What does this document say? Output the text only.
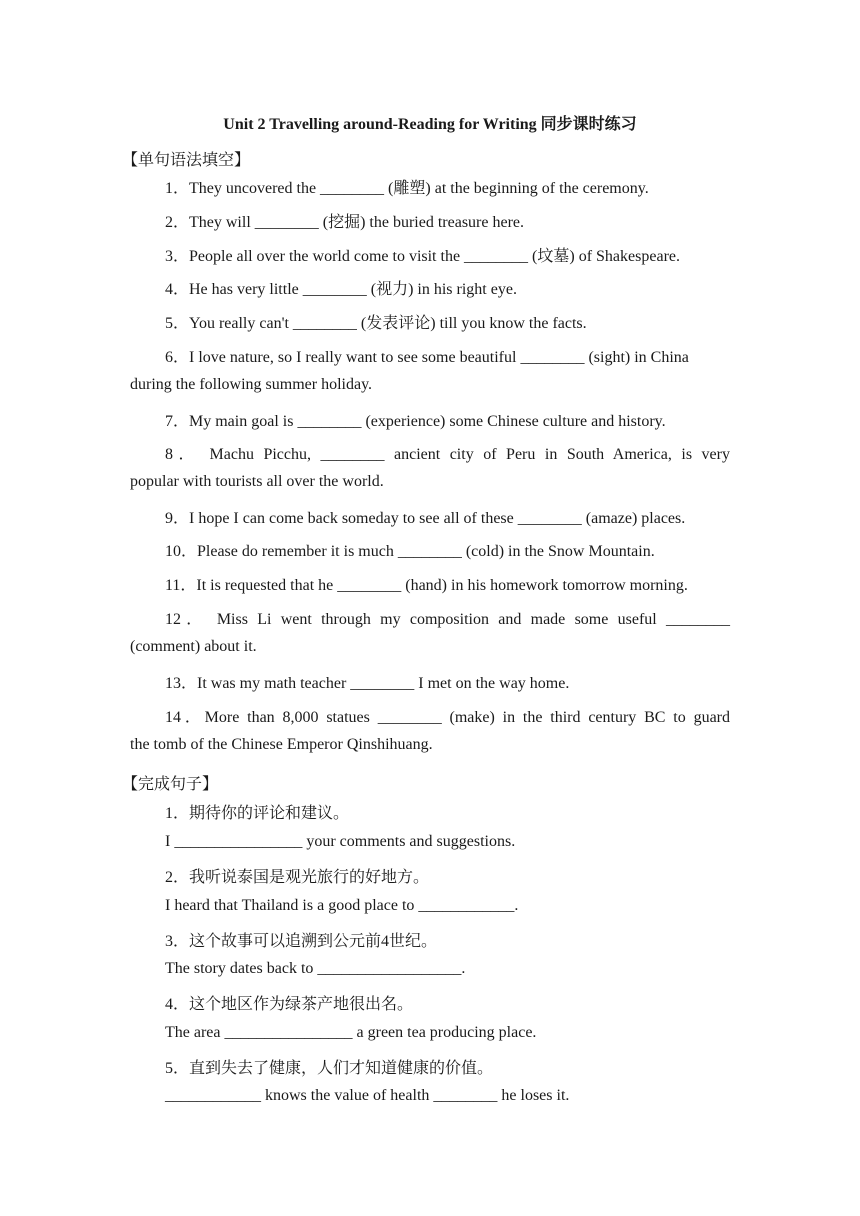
Unit 2 Travelling around-Reading for Writing 同步课时练习
【单句语法填空】
1．They uncovered the ________ (雕塑) at the beginning of the ceremony.
2．They will ________ (挖掘) the buried treasure here.
3．People all over the world come to visit the ________ (坟墓) of Shakespeare.
4．He has very little ________ (视力) in his right eye.
5．You really can't ________ (发表评论) till you know the facts.
6．I love nature, so I really want to see some beautiful ________ (sight) in China
during the following summer holiday.
7．My main goal is ________ (experience) some Chinese culture and history.
8． Machu Picchu, ________ ancient city of Peru in South America, is very
popular with tourists all over the world.
9．I hope I can come back someday to see all of these ________ (amaze) places.
10．Please do remember it is much ________ (cold) in the Snow Mountain.
11．It is requested that he ________ (hand) in his homework tomorrow morning.
12． Miss Li went through my composition and made some useful ________
(comment) about it.
13．It was my math teacher ________ I met on the way home.
14．More than 8,000 statues ________ (make) in the third century BC to guard
the tomb of the Chinese Emperor Qinshihuang.
【完成句子】
1．期待你的评论和建议。
I ________________ your comments and suggestions.
2．我听说泰国是观光旅行的好地方。
I heard that Thailand is a good place to ____________.
3．这个故事可以追溯到公元前4世纪。
The story dates back to __________________.
4．这个地区作为绿茶产地很出名。
The area ________________ a green tea producing place.
5．直到失去了健康，人们才知道健康的价值。
____________ knows the value of health ________ he loses it.
